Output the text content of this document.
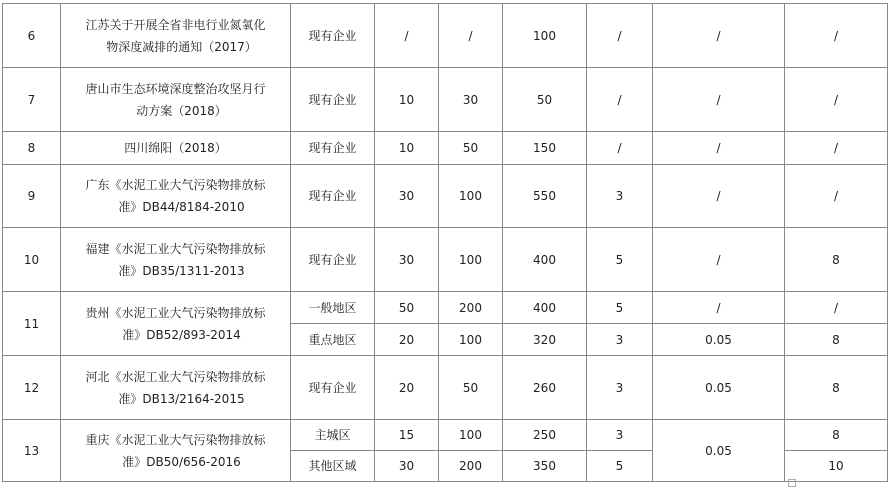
6	江苏关于开展全省非电行业氮氧化
物深度减排的通知（2017）	现有企业	/	/	100	/	/	/
7	唐山市生态环境深度整治攻坚月行
动方案（2018）	现有企业	10	30	50	/	/	/
8	四川绵阳（2018）	现有企业	10	50	150	/	/	/
9	广东《水泥工业大气污染物排放标
准》DB44/8184-2010	现有企业	30	100	550	3	/	/
10	福建《水泥工业大气污染物排放标
准》DB35/1311-2013	现有企业	30	100	400	5	/	8
11	贵州《水泥工业大气污染物排放标
准》DB52/893-2014	一般地区	50	200	400	5	/	/
		重点地区	20	100	320	3	0.05	8
12	河北《水泥工业大气污染物排放标
准》DB13/2164-2015	现有企业	20	50	260	3	0.05	8
13	重庆《水泥工业大气污染物排放标
准》DB50/656-2016	主城区	15	100	250	3	0.05	8
		其他区域	30	200	350	5		10
